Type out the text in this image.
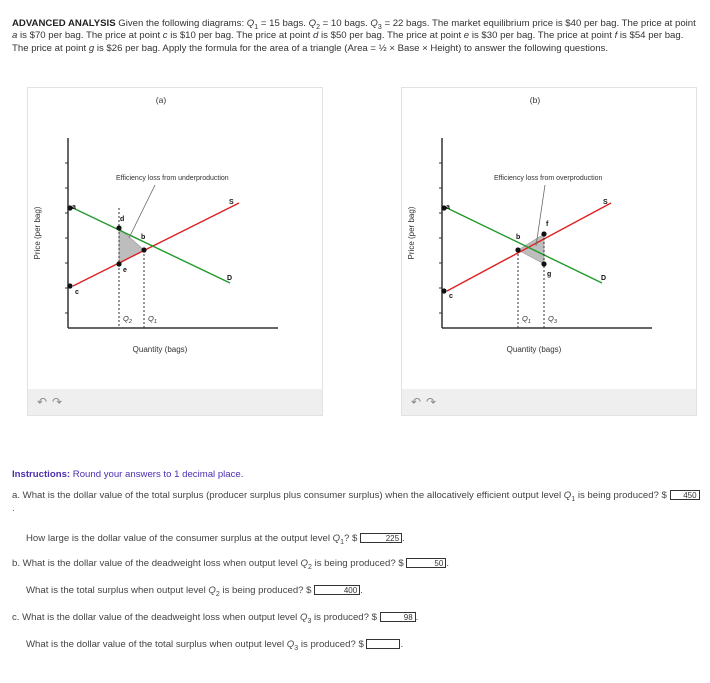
ADVANCED ANALYSIS Given the following diagrams: $Q_1 = 15$ bags. $Q_2 = 10$ bags. $Q_3 = 22$ bags. The market equilibrium price is $40 per bag. The price at point a is $70 per bag. The price at point c is $10 per bag. The price at point d is $50 per bag. The price at point e is $30 per bag. The price at point f is $54 per bag. The price at point g is $26 per bag. Apply the formula for the area of a triangle (Area = ½ × Base × Height) to answer the following questions.
(a)
Price (per bag)
Quantity (bags)
Efficiency loss from underproduction
a
c
d
e
b
S
D
$Q_2$ $Q_1$
↶ ↷
(b)
Price (per bag)
Quantity (bags)
Efficiency loss from overproduction
a
c
b
f
g
S
D
$Q_1$ $Q_3$
↶ ↷
Instructions: Round your answers to 1 decimal place.
a. What is the dollar value of the total surplus (producer surplus plus consumer surplus) when the allocatively efficient output level $Q_1$ is being produced? $ 450.
How large is the dollar value of the consumer surplus at the output level $Q_1$? $	225 .
b. What is the dollar value of the deadweight loss when output level $Q_2$ is being produced? $	50 .
What is the total surplus when output level $Q_2$ is being produced? $	400 .
c. What is the dollar value of the deadweight loss when output level $Q_3$ is produced? $	98 .
What is the dollar value of the total surplus when output level $Q_3$ is produced? $	.
